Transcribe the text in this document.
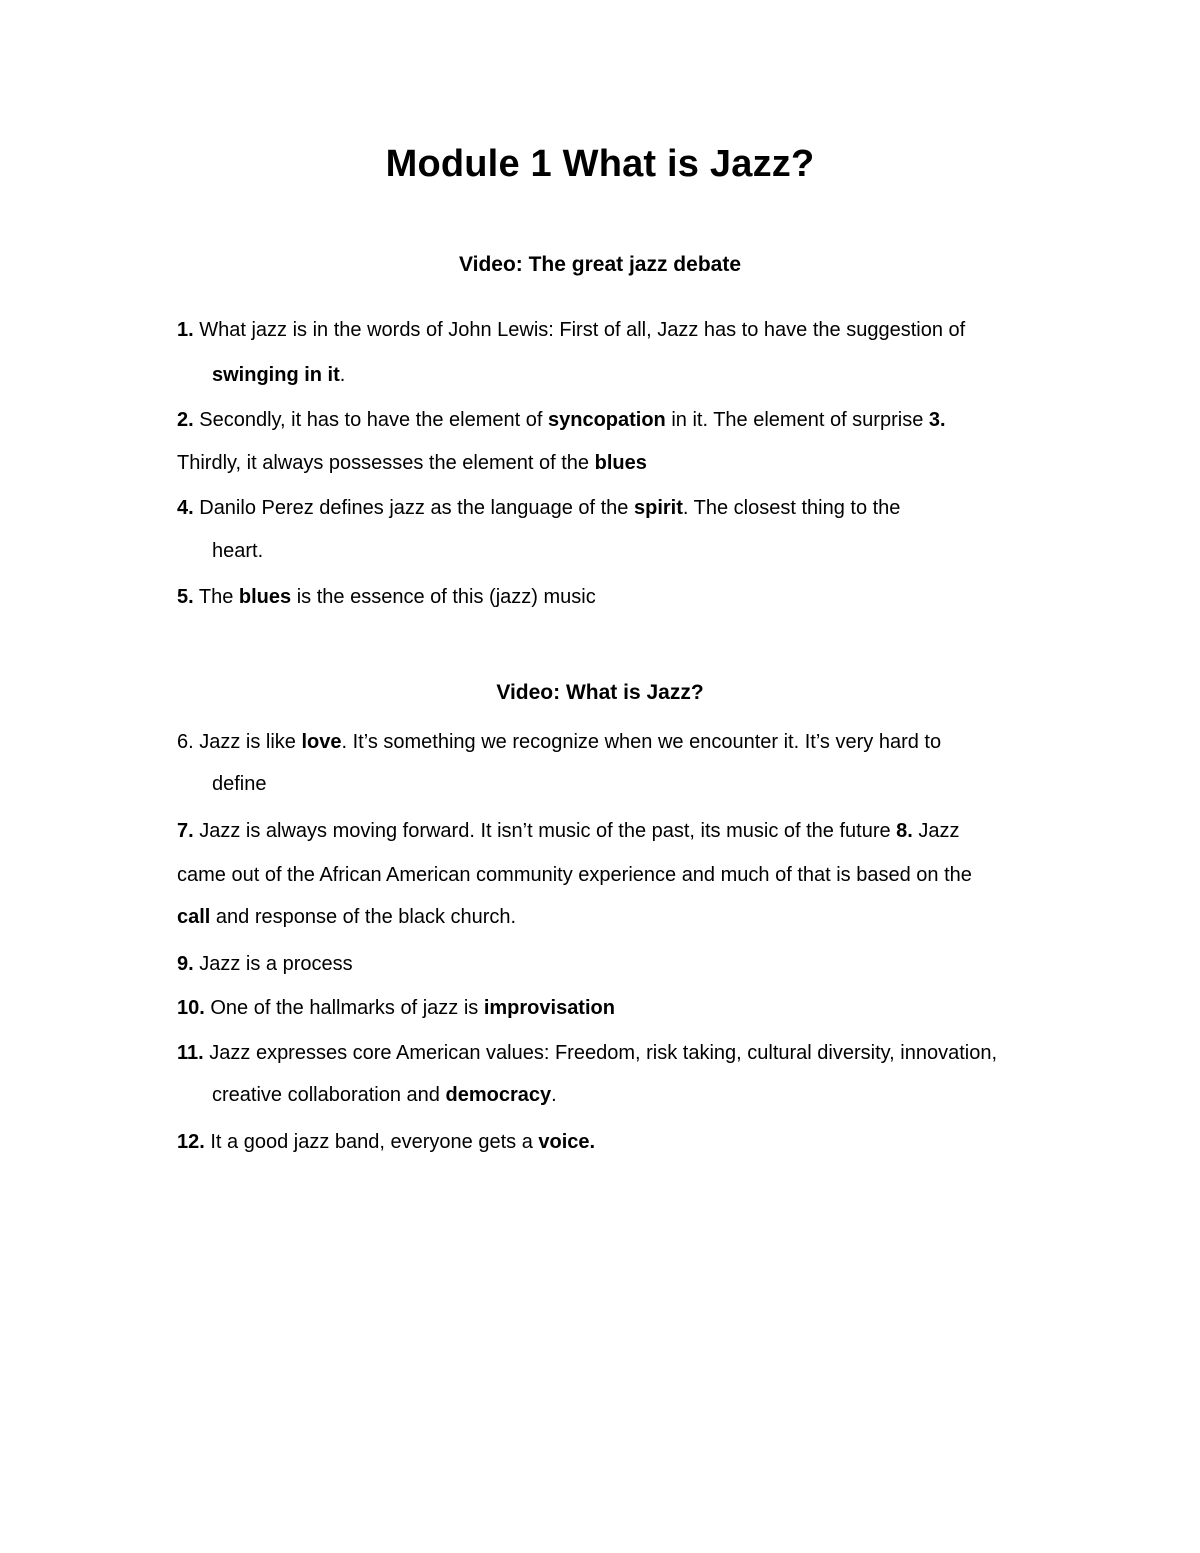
Module 1 What is Jazz?
Video: The great jazz debate

1. What jazz is in the words of John Lewis: First of all, Jazz has to have the suggestion of

swinging in it.

2. Secondly, it has to have the element of syncopation in it. The element of surprise 3.

Thirdly, it always possesses the element of the blues

4. Danilo Perez defines jazz as the language of the spirit. The closest thing to the

heart.

5. The blues is the essence of this (jazz) music

Video: What is Jazz?

6. Jazz is like love. It’s something we recognize when we encounter it. It’s very hard to

define

7. Jazz is always moving forward. It isn’t music of the past, its music of the future 8. Jazz

came out of the African American community experience and much of that is based on the

call and response of the black church.

9. Jazz is a process

10. One of the hallmarks of jazz is improvisation

11. Jazz expresses core American values: Freedom, risk taking, cultural diversity, innovation,

creative collaboration and democracy.

12. It a good jazz band, everyone gets a voice.
